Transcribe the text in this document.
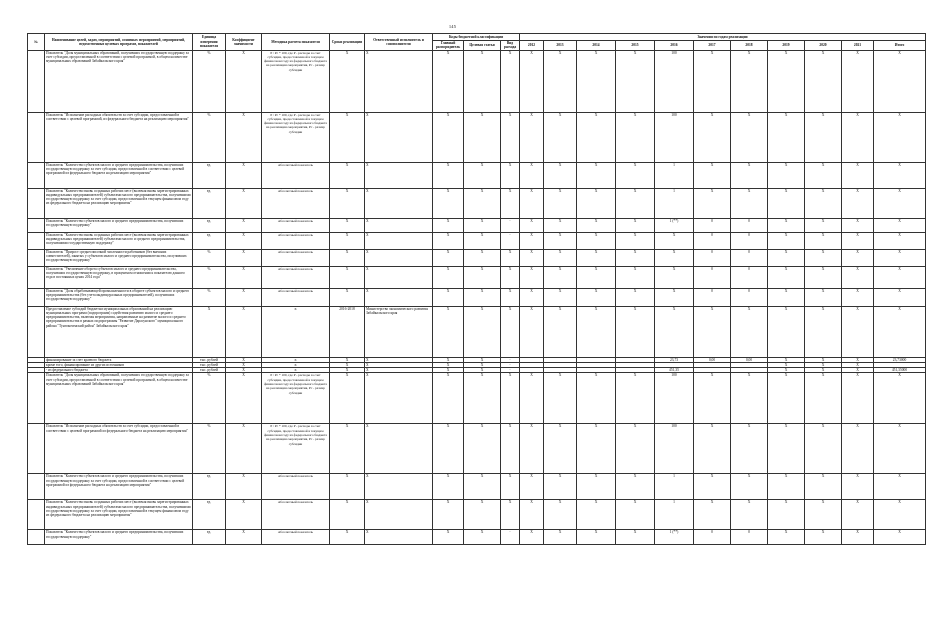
145
№	Наименование целей, задач, мероприятий, основных мероприятий, мероприятий, ведомственных целевых программ, показателей	Единица измерения показателя	Коэффициент значимости	Методика расчета показателя	Сроки реализации	Ответственный исполнитель и соисполнители	Коды бюджетной классификации			Значения по годам реализации										
							Главный распорядитель	Целевая статья	Вид расхода	2012	2013	2014	2015	2016	2017	2018	2019	2020	2021	Итого
	Показатель "Доля муниципальных образований, получивших государственную поддержку за счет субсидии, предоставленной в соответствии с целевой программой, в общем количестве муниципальных образований Забайкальского края"	%	X	P / Pc * 100, где P - расходы за счет субсидии, предоставленной в текущем финансовом году из федерального бюджета на реализацию мероприятия, Pc - размер субсидии	X	X	X	X	X	X	X	X	X	100	X	X	X	X	X	X
	Показатель "Исполнение расходных обязательств за счет субсидии, предоставленной в соответствии с целевой программой, из федерального бюджета на реализацию мероприятия"	%	X	P / Pc * 100, где P - расходы за счет субсидии, предоставленной в текущем финансовом году из федерального бюджета на реализацию мероприятия, Pc - размер субсидии	X	X	X	X	X	X	X	X	X	100	X	X	X	X	X	X
	Показатель "Количество субъектов малого и среднего предпринимательства, получивших государственную поддержку за счет субсидии, предоставленной в соответствии с целевой программой из федерального бюджета на реализацию мероприятия"	ед.	X	Абсолютный показатель	X	X	X	X	X	X	X	X	X	1	X	X	X	X	X	X
	Показатель "Количество вновь созданных рабочих мест (включая вновь зарегистрированных индивидуальных предпринимателей) субъектами малого предпринимательства, получившими государственную поддержку за счет субсидии, предоставленной в текущем финансовом году из федерального бюджета на реализацию мероприятия"	ед.	X	Абсолютный показатель	X	X	X	X	X	X	X	X	X	1	X	X	X	X	X	X
	Показатель "Количество субъектов малого и среднего предпринимательства, получивших государственную поддержку"	ед.	X	Абсолютный показатель	X	X	X	X	-	X	X	X	X	1 (**)	0	0	X	X	X	X
	Показатель "Количество вновь созданных рабочих мест (включая вновь зарегистрированных индивидуальных предпринимателей) субъектами малого и среднего предпринимательства, получившими государственную поддержку"	ед.	X	Абсолютный показатель	X	X	X	X	-	X	X	X	X	X	0	0	X	X	X	X
	Показатель "Прирост среднесписочной численности работников (без внешних совместителей), занятых у субъектов малого и среднего предпринимательства, получивших государственную поддержку"	%	X	Абсолютный показатель	X	X	X	X	X	X	X	X	X	X	0	0	X	X	X	X
	Показатель "Увеличение оборота субъектов малого и среднего предпринимательства, получивших государственную поддержку, в процентном отношении к показателю данного года в постоянных ценах 2014 года"	%	X	Абсолютный показатель	X	X	X	X	X	X	X	X	X	X	0	0	X	X	X	X
	Показатель "Доля обрабатывающей промышленности в обороте субъектов малого и среднего предпринимательства (без учета индивидуальных предпринимателей), получивших государственную поддержку"	%	X	Абсолютный показатель	X	X	X	X	X	X	X	X	X	X	0	0	X	X	X	X
	Предоставление субсидий бюджетам муниципальных образований на реализацию муниципальных программ (подпрограмм) содействия развитию малого и среднего предпринимательства, включая мероприятия, направленные на развитие малого и среднего предпринимательства в рамках подпрограммы "Развитие Дарасунского" муниципального района "Тунгокоченский район" Забайкальского края"	X	X	X	2016-2018	Министерство экономического развития Забайкальского края	X	X	X	X	X	X	X	X	X	X	X	X	X	X
	финансирование за счет краевого бюджета	тыс. рублей	X	X	X	X	X	X	-					23,73	0,00	0,00	X	X	X	23,73000
	кроме того, финансирование из других источников	тыс. рублей	X	X	X	X	X	X	-								X	X	X	
	- из федерального бюджета	тыс. рублей	X	X	X	X	X	X	-					451,35			X	X	X	451,35000
	Показатель "Доля муниципальных образований, получивших государственную поддержку за счет субсидии, предоставленной в соответствии с целевой программой, в общем количестве муниципальных образований Забайкальского края"	%	X	P / Pc * 100, где P - расходы за счет субсидии, предоставленной в текущем финансовом году из федерального бюджета на реализацию мероприятия, Pc - размер субсидии	X	X	X	X	X	X	X	X	X	100	X	X	X	X	X	X
	Показатель "Исполнение расходных обязательств за счет субсидии, предоставленной в соответствии с целевой программой из федерального бюджета на реализацию мероприятия"	%	X	P / Pc * 100, где P - расходы за счет субсидии, предоставленной в текущем финансовом году из федерального бюджета на реализацию мероприятия, Pc - размер субсидии	X	X	X	X	X	X	X	X	X	100	X	X	X	X	X	X
	Показатель "Количество субъектов малого и среднего предпринимательства, получивших государственную поддержку за счет субсидии, предоставленной в соответствии с целевой программой из федерального бюджета на реализацию мероприятия"	ед.	X	Абсолютный показатель	X	X	X	X	X	X	X	X	X	1	X	X	X	X	X	X
	Показатель "Количество вновь созданных рабочих мест (включая вновь зарегистрированных индивидуальных предпринимателей) субъектами малого предпринимательства, получившими государственную поддержку за счет субсидии, предоставленной в текущем финансовом году из федерального бюджета на реализацию мероприятия"	ед.	X	Абсолютный показатель	X	X	X	X	X	X	X	X	X	1	X	X	X	X	X	X
	Показатель "Количество субъектов малого и среднего предпринимательства, получивших государственную поддержку"	ед.	X	Абсолютный показатель	X	X	X	X	-	X	X	X	X	1 (**)	0	0	X	X	X	X
